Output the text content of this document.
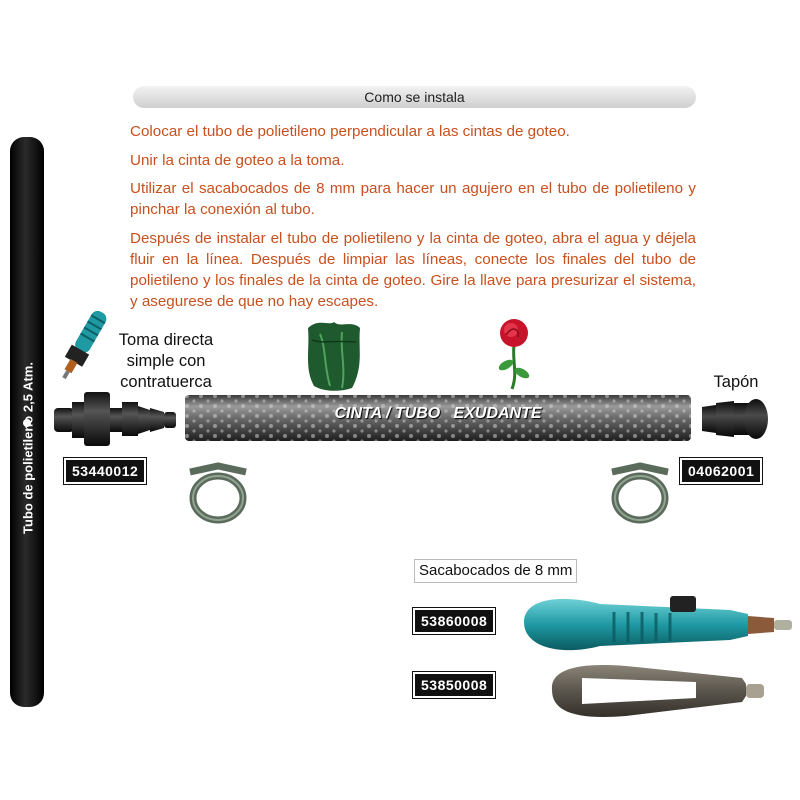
Como se instala

Colocar el tubo de polietileno perpendicular a las cintas de goteo.

Unir la cinta de goteo a la toma.

Utilizar el sacabocados de 8 mm para hacer un agujero en el tubo de polietileno y pinchar la conexión al tubo.

Después de instalar el tubo de polietileno y la cinta de goteo, abra el agua y déjela fluir en la línea. Después de limpiar las líneas, conecte los finales del tubo de polietileno y los finales de la cinta de goteo. Gire la llave para presurizar el sistema, y asegurese de que no hay escapes.

Tubo de polietileno 2,5 Atm.
Toma directa simple con contratuerca
53440012
CINTA / TUBO   EXUDANTE
Tapón
04062001
Sacabocados de 8 mm
53860008
53850008
